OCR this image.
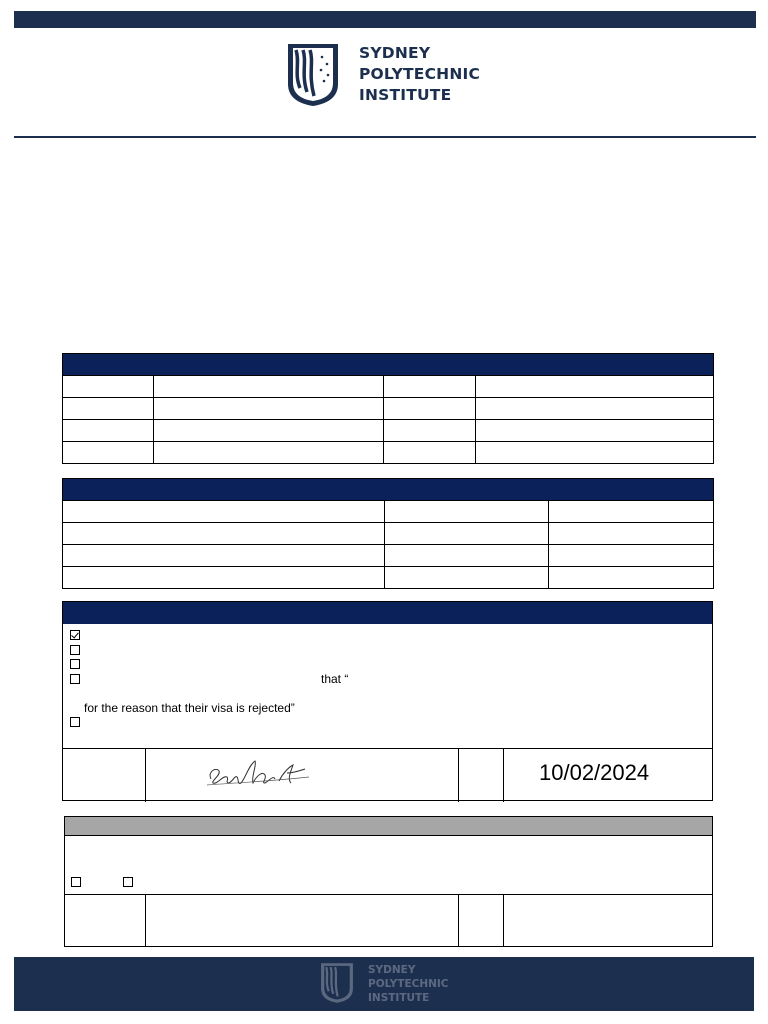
SYDNEY
POLYTECHNIC
INSTITUTE

that “
for the reason that their visa is rejected”
10/02/2024
SYDNEY
POLYTECHNIC
INSTITUTE
